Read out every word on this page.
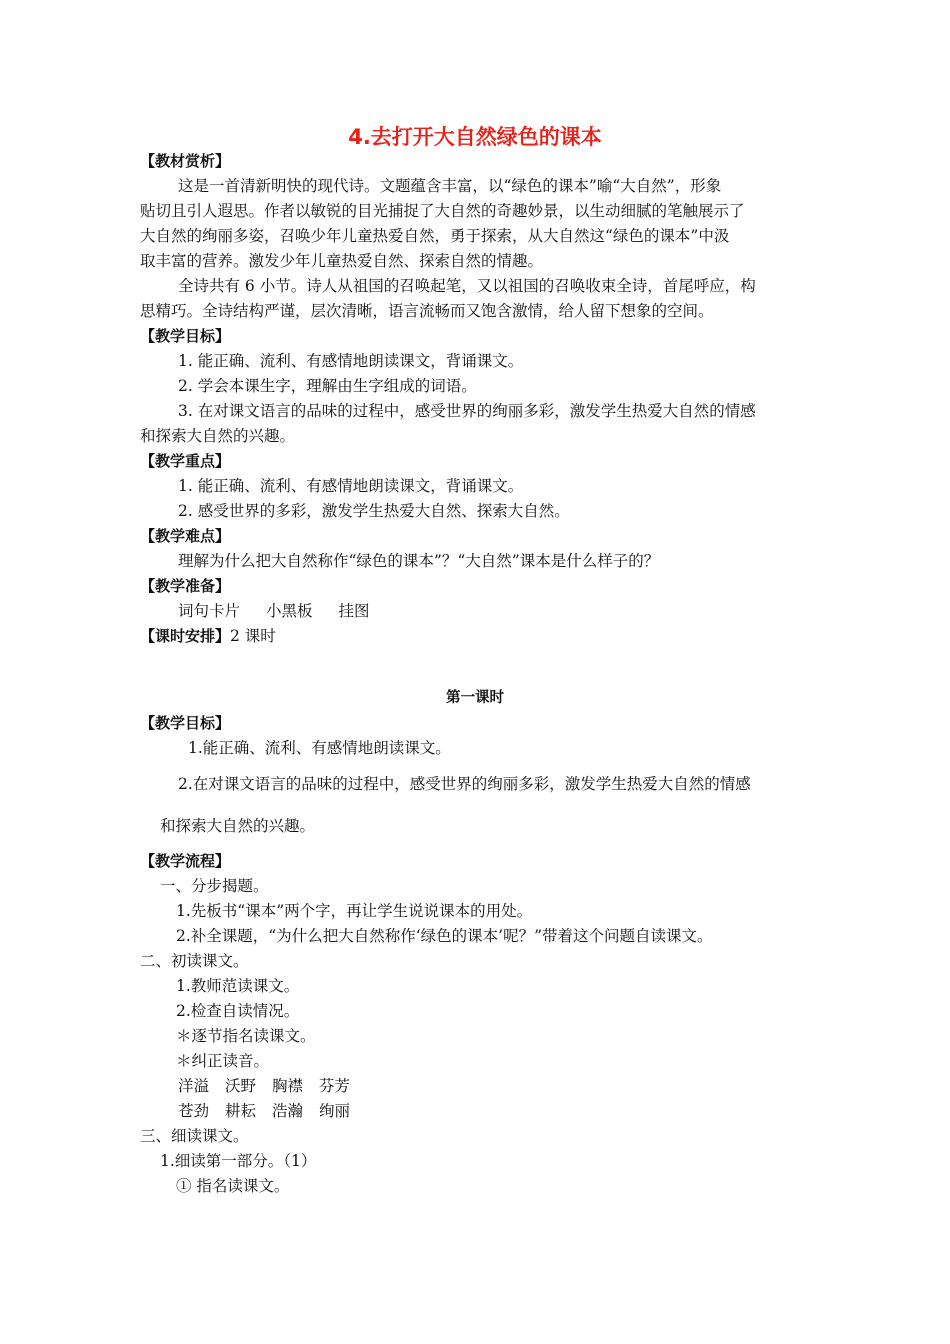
4.去打开大自然绿色的课本
【教材赏析】
这是一首清新明快的现代诗。文题蕴含丰富，以“绿色的课本”喻“大自然”，形象
贴切且引人遐思。作者以敏锐的目光捕捉了大自然的奇趣妙景，以生动细腻的笔触展示了
大自然的绚丽多姿，召唤少年儿童热爱自然，勇于探索，从大自然这“绿色的课本”中汲
取丰富的营养。激发少年儿童热爱自然、探索自然的情趣。
全诗共有 6 小节。诗人从祖国的召唤起笔，又以祖国的召唤收束全诗，首尾呼应，构
思精巧。全诗结构严谨，层次清晰，语言流畅而又饱含激情，给人留下想象的空间。
【教学目标】
1. 能正确、流利、有感情地朗读课文，背诵课文。
2. 学会本课生字，理解由生字组成的词语。
3. 在对课文语言的品味的过程中，感受世界的绚丽多彩，激发学生热爱大自然的情感
和探索大自然的兴趣。
【教学重点】
1. 能正确、流利、有感情地朗读课文，背诵课文。
2. 感受世界的多彩，激发学生热爱大自然、探索大自然。
【教学难点】
理解为什么把大自然称作“绿色的课本”？“大自然”课本是什么样子的？
【教学准备】
词句卡片 小黑板 挂图
【课时安排】2 课时
第一课时
【教学目标】
1.能正确、流利、有感情地朗读课文。
2.在对课文语言的品味的过程中，感受世界的绚丽多彩，激发学生热爱大自然的情感
和探索大自然的兴趣。
【教学流程】
一、分步揭题。
1.先板书“课本”两个字，再让学生说说课本的用处。
2.补全课题，“为什么把大自然称作‘绿色的课本’呢？”带着这个问题自读课文。
二、初读课文。
1.教师范读课文。
2.检查自读情况。
＊逐节指名读课文。
＊纠正读音。
洋溢 沃野 胸襟 芬芳
苍劲 耕耘 浩瀚 绚丽
三、细读课文。
1.细读第一部分。（1）
① 指名读课文。
